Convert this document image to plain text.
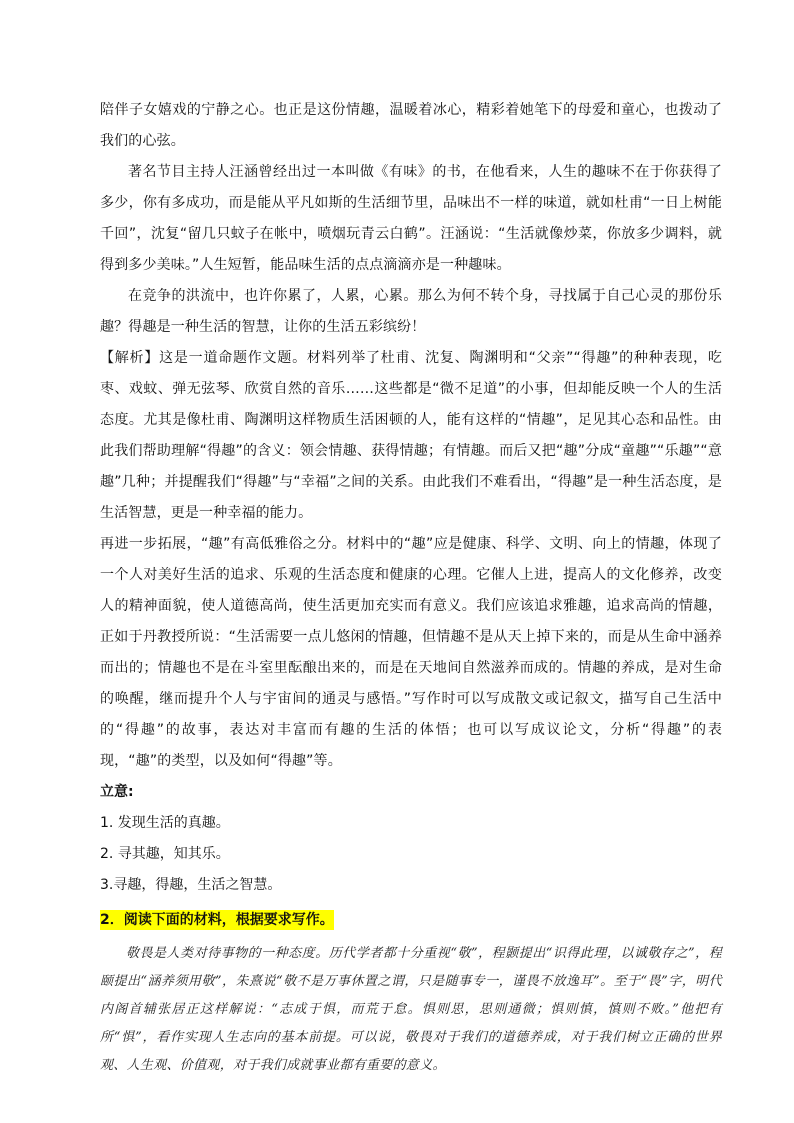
陪伴子女嬉戏的宁静之心。也正是这份情趣，温暖着冰心，精彩着她笔下的母爱和童心，也拨动了我们的心弦。

著名节目主持人汪涵曾经出过一本叫做《有味》的书，在他看来，人生的趣味不在于你获得了多少，你有多成功，而是能从平凡如斯的生活细节里，品味出不一样的味道，就如杜甫“一日上树能千回”，沈复“留几只蚊子在帐中，喷烟玩青云白鹤”。汪涵说：“生活就像炒菜，你放多少调料，就得到多少美味。”人生短暂，能品味生活的点点滴滴亦是一种趣味。

在竞争的洪流中，也许你累了，人累，心累。那么为何不转个身，寻找属于自己心灵的那份乐趣？得趣是一种生活的智慧，让你的生活五彩缤纷！

【解析】这是一道命题作文题。材料列举了杜甫、沈复、陶渊明和“父亲”“得趣”的种种表现，吃枣、戏蚊、弹无弦琴、欣赏自然的音乐……这些都是“微不足道”的小事，但却能反映一个人的生活态度。尤其是像杜甫、陶渊明这样物质生活困顿的人，能有这样的“情趣”，足见其心态和品性。由此我们帮助理解“得趣”的含义：领会情趣、获得情趣；有情趣。而后又把“趣”分成“童趣”“乐趣”“意趣”几种；并提醒我们“得趣”与“幸福”之间的关系。由此我们不难看出，“得趣”是一种生活态度，是生活智慧，更是一种幸福的能力。

再进一步拓展，“趣”有高低雅俗之分。材料中的“趣”应是健康、科学、文明、向上的情趣，体现了一个人对美好生活的追求、乐观的生活态度和健康的心理。它催人上进，提高人的文化修养，改变人的精神面貌，使人道德高尚，使生活更加充实而有意义。我们应该追求雅趣，追求高尚的情趣，正如于丹教授所说：“生活需要一点儿悠闲的情趣，但情趣不是从天上掉下来的，而是从生命中涵养而出的；情趣也不是在斗室里酝酿出来的，而是在天地间自然滋养而成的。情趣的养成，是对生命的唤醒，继而提升个人与宇宙间的通灵与感悟。”写作时可以写成散文或记叙文，描写自己生活中的“得趣”的故事，表达对丰富而有趣的生活的体悟；也可以写成议论文，分析“得趣”的表现，“趣”的类型，以及如何“得趣”等。

立意:

1. 发现生活的真趣。

2. 寻其趣，知其乐。

3.寻趣，得趣，生活之智慧。

2．阅读下面的材料，根据要求写作。

敬畏是人类对待事物的一种态度。历代学者都十分重视“敬”，程颢提出“识得此理，以诚敬存之”，程颐提出“涵养须用敬”，朱熹说“敬不是万事休置之谓，只是随事专一，谨畏不放逸耳”。至于“畏”字，明代内阁首辅张居正这样解说：“志成于惧，而荒于怠。惧则思，思则通微；惧则慎，慎则不败。”他把有所“惧”，看作实现人生志向的基本前提。可以说，敬畏对于我们的道德养成，对于我们树立正确的世界观、人生观、价值观，对于我们成就事业都有重要的意义。
